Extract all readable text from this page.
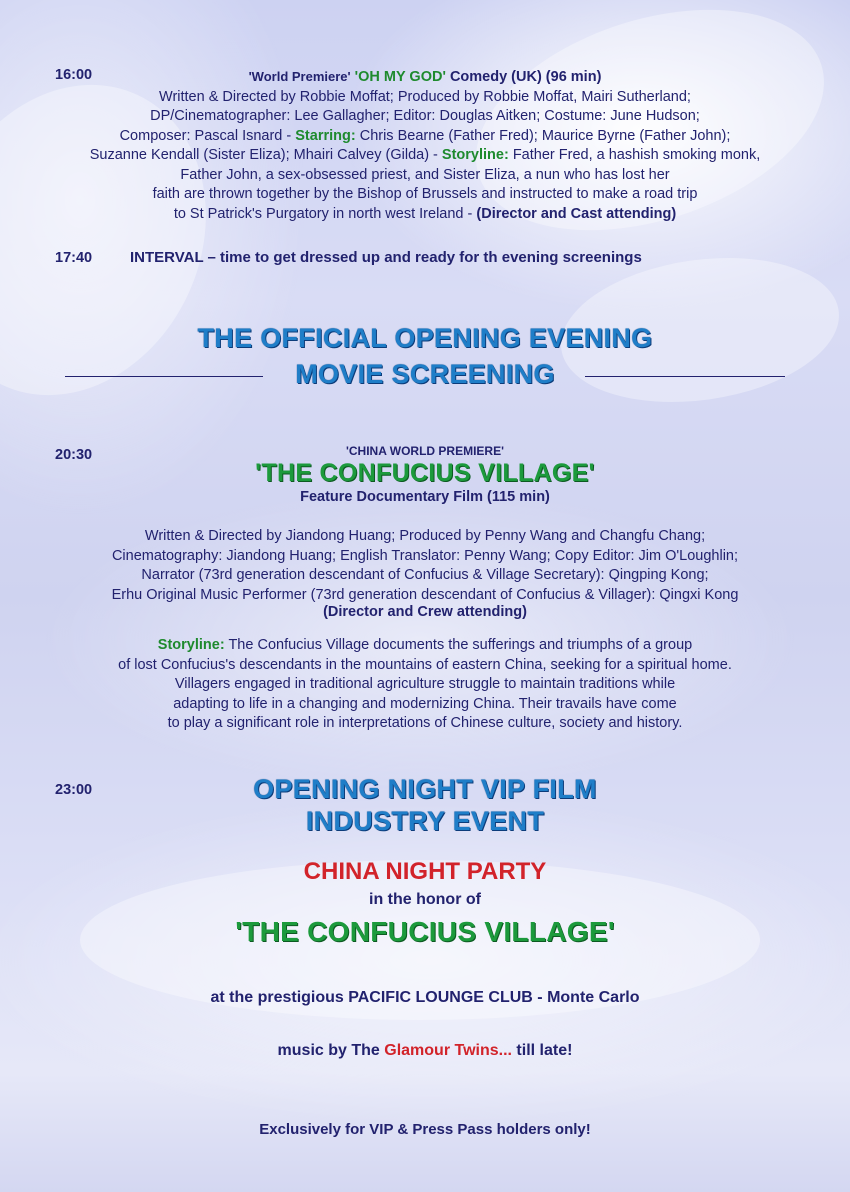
16:00	'World Premiere' 'OH MY GOD' Comedy (UK) (96 min)

Written & Directed by Robbie Moffat; Produced by Robbie Moffat, Mairi Sutherland;

DP/Cinematographer: Lee Gallagher; Editor: Douglas Aitken; Costume: June Hudson;

Composer: Pascal Isnard - Starring: Chris Bearne (Father Fred); Maurice Byrne (Father John);

Suzanne Kendall (Sister Eliza); Mhairi Calvey (Gilda) - Storyline: Father Fred, a hashish smoking monk,

Father John, a sex-obsessed priest, and Sister Eliza, a nun who has lost her

faith are thrown together by the Bishop of Brussels and instructed to make a road trip

to St Patrick's Purgatory in north west Ireland - (Director and Cast attending)

17:40	INTERVAL – time to get dressed up and ready for th evening screenings
THE OFFICIAL OPENING EVENING
MOVIE SCREENING
20:30	'CHINA WORLD PREMIERE'

'THE CONFUCIUS VILLAGE'

Feature Documentary Film (115 min)

Written & Directed by Jiandong Huang; Produced by Penny Wang and Changfu Chang;

Cinematography: Jiandong Huang; English Translator: Penny Wang; Copy Editor: Jim O'Loughlin;

Narrator (73rd generation descendant of Confucius & Village Secretary): Qingping Kong;

Erhu Original Music Performer (73rd generation descendant of Confucius & Villager): Qingxi Kong

(Director and Crew attending)

Storyline: The Confucius Village documents the sufferings and triumphs of a group

of lost Confucius's descendants in the mountains of eastern China, seeking for a spiritual home.

Villagers engaged in traditional agriculture struggle to maintain traditions while

adapting to life in a changing and modernizing China. Their travails have come

to play a significant role in interpretations of Chinese culture, society and history.

23:00	OPENING NIGHT VIP FILM
INDUSTRY EVENT
CHINA NIGHT PARTY

in the honor of

'THE CONFUCIUS VILLAGE'

at the prestigious PACIFIC LOUNGE CLUB - Monte Carlo

music by The Glamour Twins... till late!

Exclusively for VIP & Press Pass holders only!
